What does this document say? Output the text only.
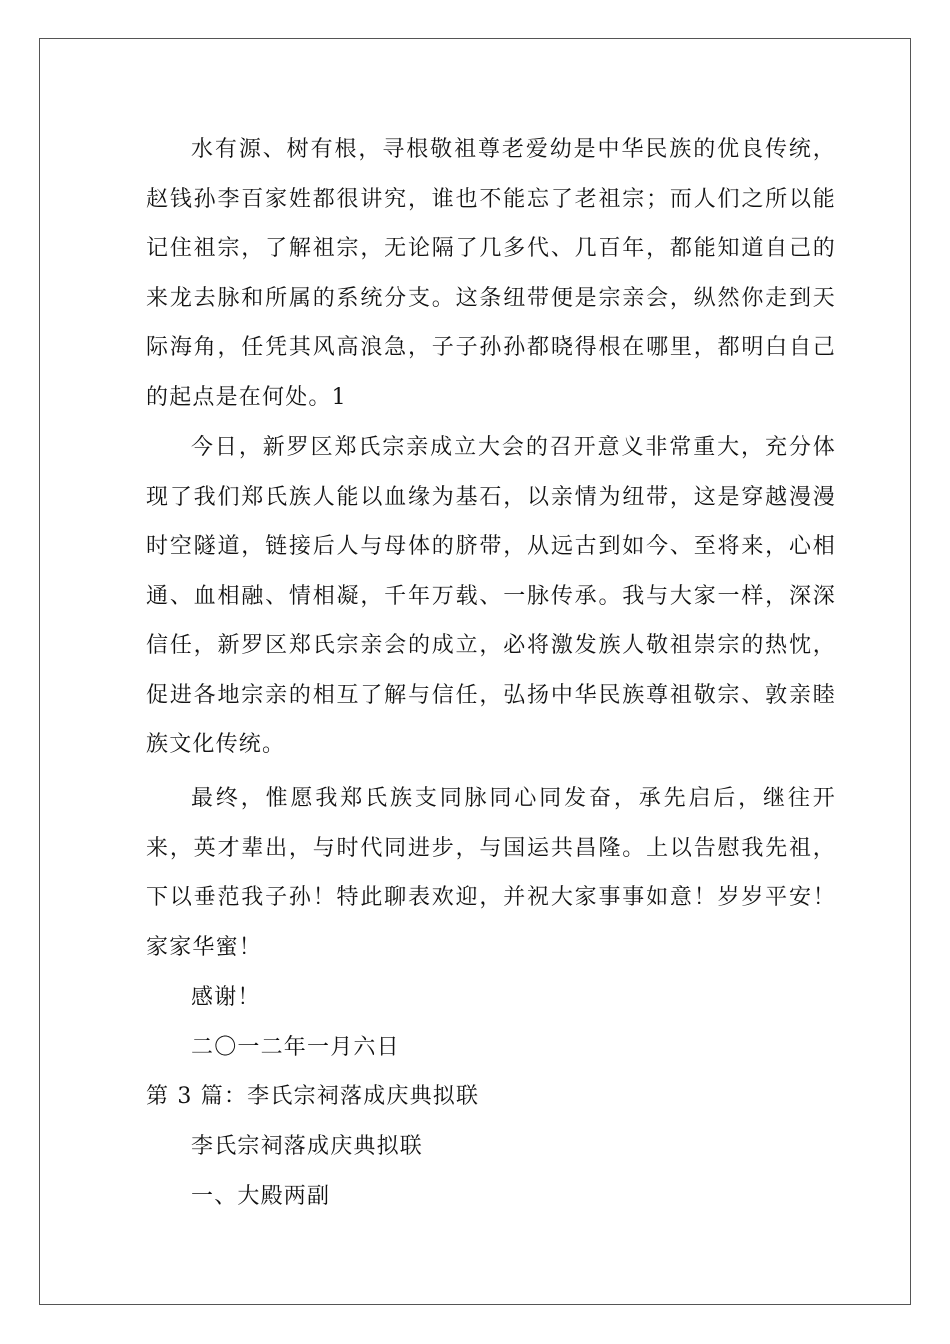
水有源、树有根，寻根敬祖尊老爱幼是中华民族的优良传统，赵钱孙李百家姓都很讲究，谁也不能忘了老祖宗；而人们之所以能记住祖宗，了解祖宗，无论隔了几多代、几百年，都能知道自己的来龙去脉和所属的系统分支。这条纽带便是宗亲会，纵然你走到天际海角，任凭其风高浪急，子子孙孙都晓得根在哪里，都明白自己的起点是在何处。1
今日，新罗区郑氏宗亲成立大会的召开意义非常重大，充分体现了我们郑氏族人能以血缘为基石，以亲情为纽带，这是穿越漫漫时空隧道，链接后人与母体的脐带，从远古到如今、至将来，心相通、血相融、情相凝，千年万载、一脉传承。我与大家一样，深深信任，新罗区郑氏宗亲会的成立，必将激发族人敬祖崇宗的热忱，促进各地宗亲的相互了解与信任，弘扬中华民族尊祖敬宗、敦亲睦族文化传统。
最终，惟愿我郑氏族支同脉同心同发奋，承先启后，继往开来，英才辈出，与时代同进步，与国运共昌隆。上以告慰我先祖，下以垂范我子孙！特此聊表欢迎，并祝大家事事如意！岁岁平安！家家华蜜！
感谢！
二〇一二年一月六日
第 3 篇：李氏宗祠落成庆典拟联
李氏宗祠落成庆典拟联
一、大殿两副
